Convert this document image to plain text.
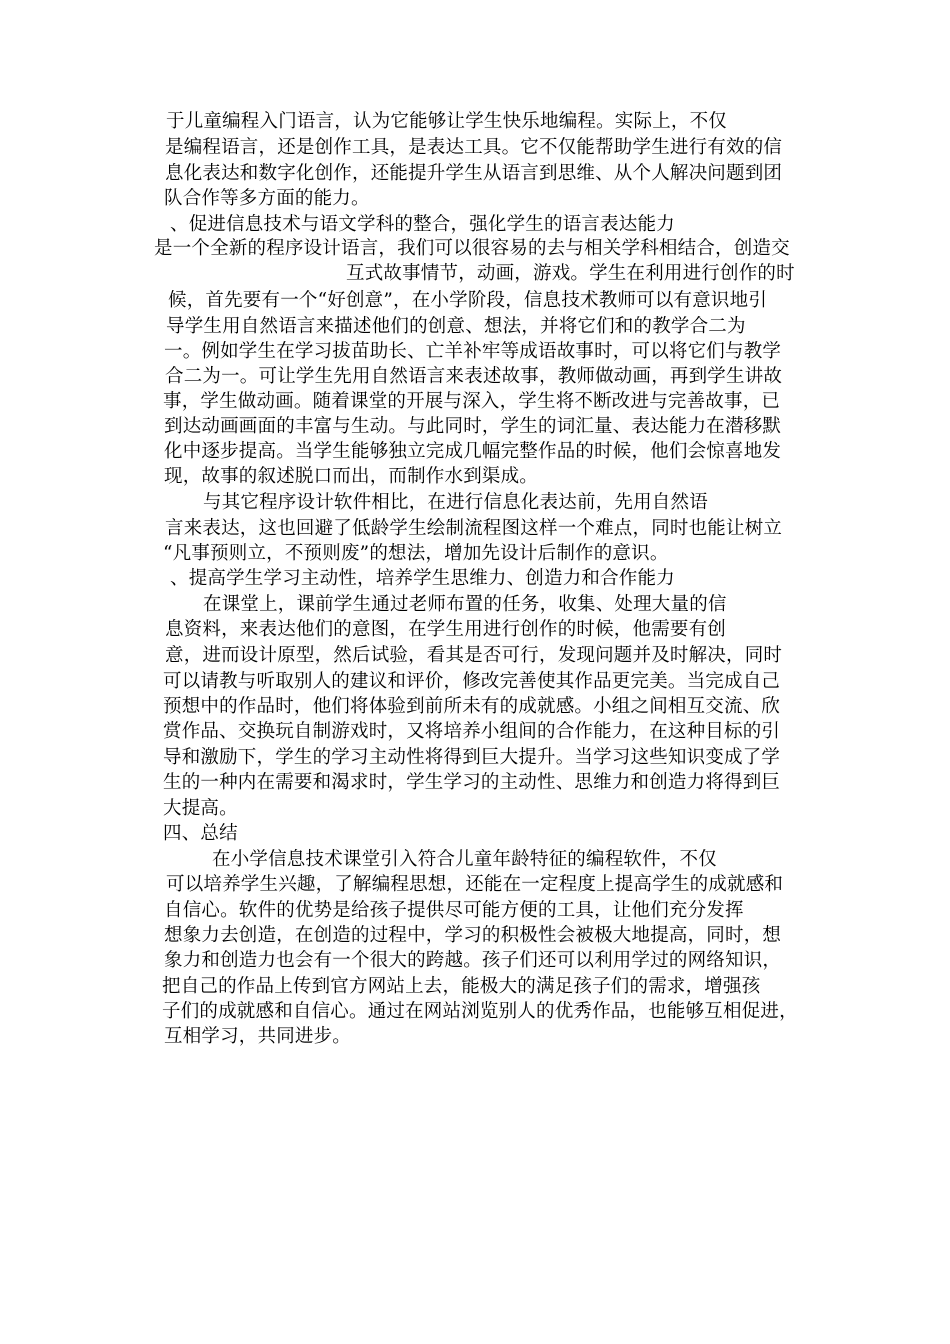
于儿童编程入门语言，认为它能够让学生快乐地编程。实际上，不仅
是编程语言，还是创作工具，是表达工具。它不仅能帮助学生进行有效的信
息化表达和数字化创作，还能提升学生从语言到思维、从个人解决问题到团
队合作等多方面的能力。
、促进信息技术与语文学科的整合，强化学生的语言表达能力
是一个全新的程序设计语言，我们可以很容易的去与相关学科相结合，创造交
互式故事情节，动画，游戏。学生在利用进行创作的时
候，首先要有一个“好创意”，在小学阶段，信息技术教师可以有意识地引
导学生用自然语言来描述他们的创意、想法，并将它们和的教学合二为
一。例如学生在学习拔苗助长、亡羊补牢等成语故事时，可以将它们与教学
合二为一。可让学生先用自然语言来表述故事，教师做动画，再到学生讲故
事，学生做动画。随着课堂的开展与深入，学生将不断改进与完善故事，已
到达动画画面的丰富与生动。与此同时，学生的词汇量、表达能力在潜移默
化中逐步提高。当学生能够独立完成几幅完整作品的时候，他们会惊喜地发
现，故事的叙述脱口而出，而制作水到渠成。
与其它程序设计软件相比，在进行信息化表达前，先用自然语
言来表达，这也回避了低龄学生绘制流程图这样一个难点，同时也能让树立
“凡事预则立，不预则废”的想法，增加先设计后制作的意识。
、提高学生学习主动性，培养学生思维力、创造力和合作能力
在课堂上，课前学生通过老师布置的任务，收集、处理大量的信
息资料，来表达他们的意图，在学生用进行创作的时候，他需要有创
意，进而设计原型，然后试验，看其是否可行，发现问题并及时解决，同时
可以请教与听取别人的建议和评价，修改完善使其作品更完美。当完成自己
预想中的作品时，他们将体验到前所未有的成就感。小组之间相互交流、欣
赏作品、交换玩自制游戏时，又将培养小组间的合作能力，在这种目标的引
导和激励下，学生的学习主动性将得到巨大提升。当学习这些知识变成了学
生的一种内在需要和渴求时，学生学习的主动性、思维力和创造力将得到巨
大提高。
四、总结
在小学信息技术课堂引入符合儿童年龄特征的编程软件，不仅
可以培养学生兴趣，了解编程思想，还能在一定程度上提高学生的成就感和
自信心。软件的优势是给孩子提供尽可能方便的工具，让他们充分发挥
想象力去创造，在创造的过程中，学习的积极性会被极大地提高，同时，想
象力和创造力也会有一个很大的跨越。孩子们还可以利用学过的网络知识，
把自己的作品上传到官方网站上去，能极大的满足孩子们的需求，增强孩
子们的成就感和自信心。通过在网站浏览别人的优秀作品，也能够互相促进，
互相学习，共同进步。
